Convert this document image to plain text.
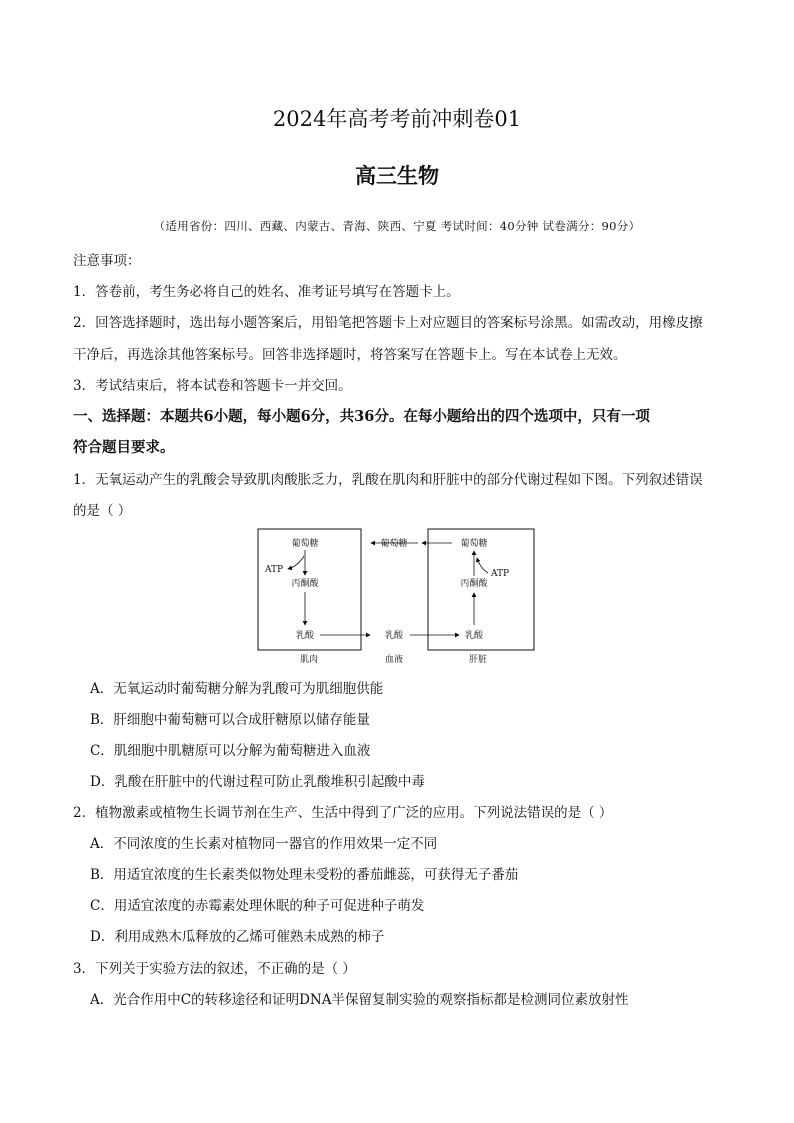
2024年高考考前冲刺卷01
高三生物
（适用省份：四川、西藏、内蒙古、青海、陕西、宁夏 考试时间：40分钟 试卷满分：90分）
注意事项：
1．答卷前，考生务必将自己的姓名、准考证号填写在答题卡上。
2．回答选择题时，选出每小题答案后，用铅笔把答题卡上对应题目的答案标号涂黑。如需改动，用橡皮擦
干净后，再选涂其他答案标号。回答非选择题时，将答案写在答题卡上。写在本试卷上无效。
3．考试结束后，将本试卷和答题卡一并交回。
一、选择题：本题共6小题，每小题6分，共36分。在每小题给出的四个选项中，只有一项
符合题目要求。
1．无氧运动产生的乳酸会导致肌肉酸胀乏力，乳酸在肌肉和肝脏中的部分代谢过程如下图。下列叙述错误
的是（ ）
葡萄糖	葡萄糖	葡萄糖
ATP
丙酮酸
乳酸	乳酸	乳酸
丙酮酸
ATP
肌肉	血液	肝脏
A．无氧运动时葡萄糖分解为乳酸可为肌细胞供能
B．肝细胞中葡萄糖可以合成肝糖原以储存能量
C．肌细胞中肌糖原可以分解为葡萄糖进入血液
D．乳酸在肝脏中的代谢过程可防止乳酸堆积引起酸中毒
2．植物激素或植物生长调节剂在生产、生活中得到了广泛的应用。下列说法错误的是（ ）
A．不同浓度的生长素对植物同一器官的作用效果一定不同
B．用适宜浓度的生长素类似物处理未受粉的番茄雌蕊，可获得无子番茄
C．用适宜浓度的赤霉素处理休眠的种子可促进种子萌发
D．利用成熟木瓜释放的乙烯可催熟未成熟的柿子
3．下列关于实验方法的叙述，不正确的是（ ）
A．光合作用中C的转移途径和证明DNA半保留复制实验的观察指标都是检测同位素放射性
